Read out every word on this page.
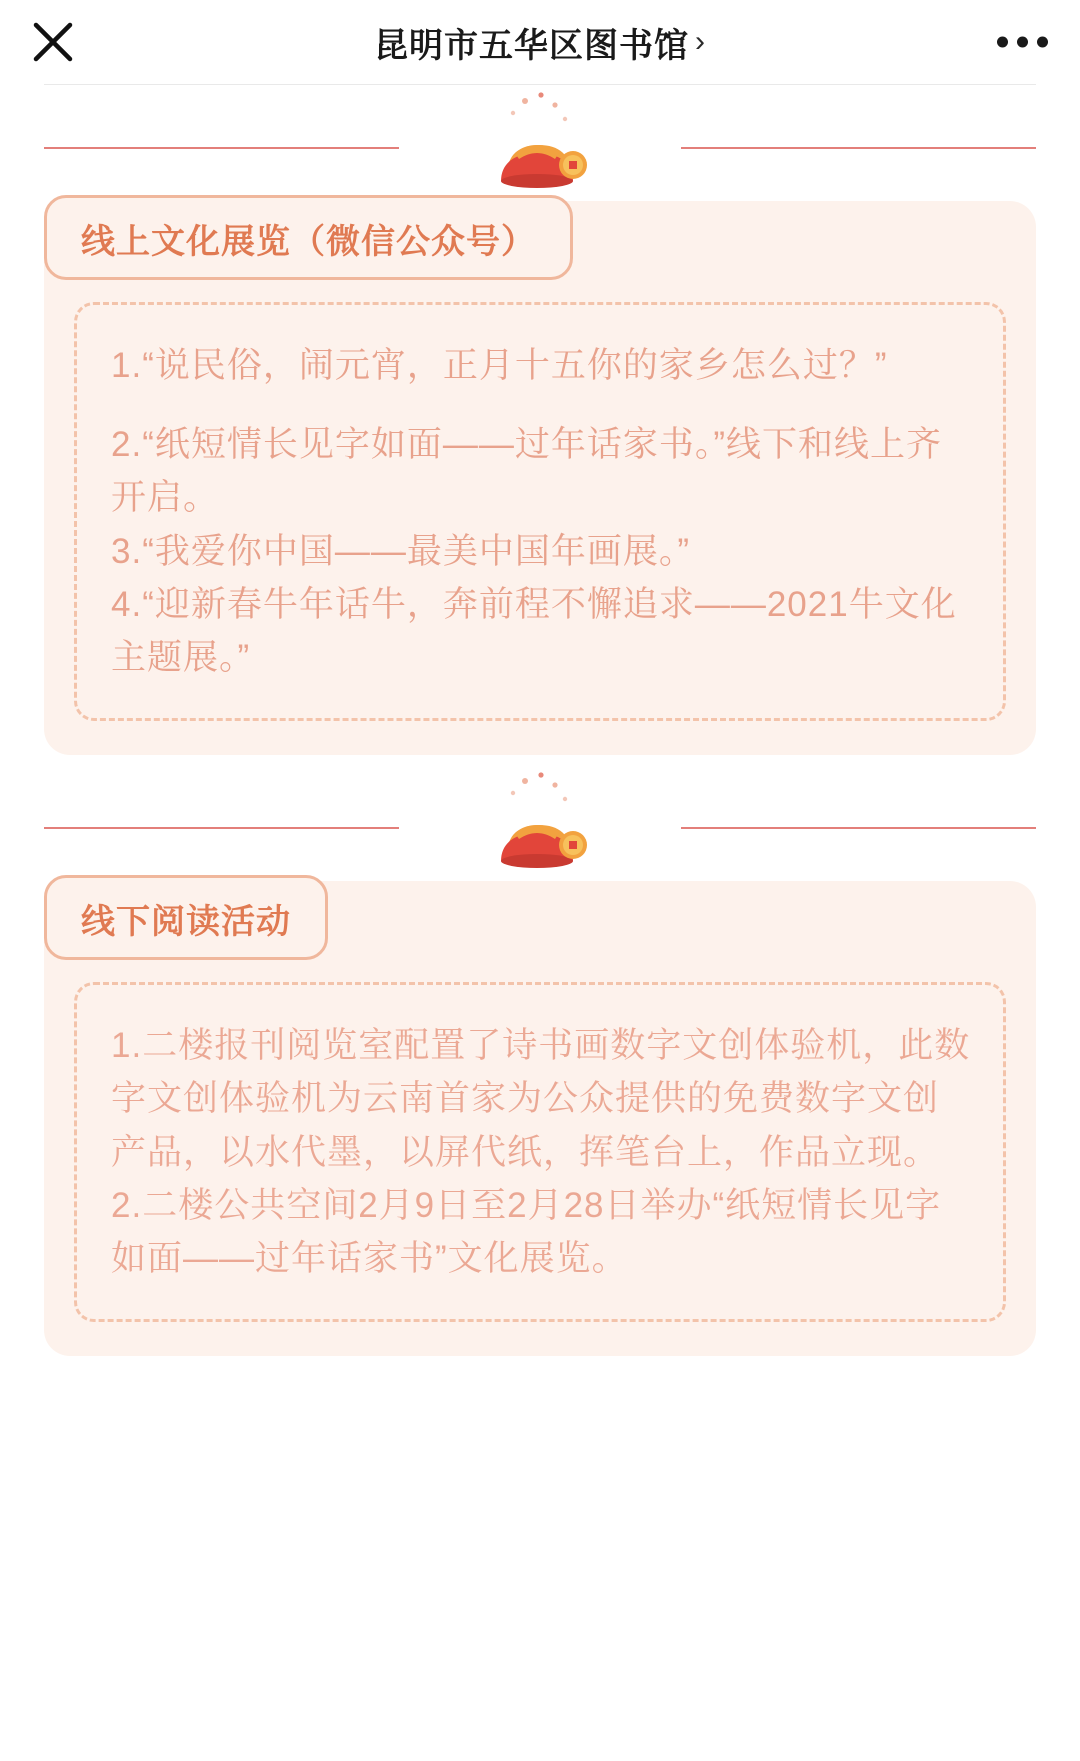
昆明市五华区图书馆 ›
线上文化展览（微信公众号）

1.“说民俗，闹元宵，正月十五你的家乡怎么过？”

2.“纸短情长见字如面——过年话家书。”线下和线上齐开启。

3.“我爱你中国——最美中国年画展。”

4.“迎新春牛年话牛，奔前程不懈追求——2021牛文化主题展。”

线下阅读活动

1.二楼报刊阅览室配置了诗书画数字文创体验机，此数字文创体验机为云南首家为公众提供的免费数字文创产品，以水代墨，以屏代纸，挥笔台上，作品立现。

2.二楼公共空间2月9日至2月28日举办“纸短情长见字如面——过年话家书”文化展览。
